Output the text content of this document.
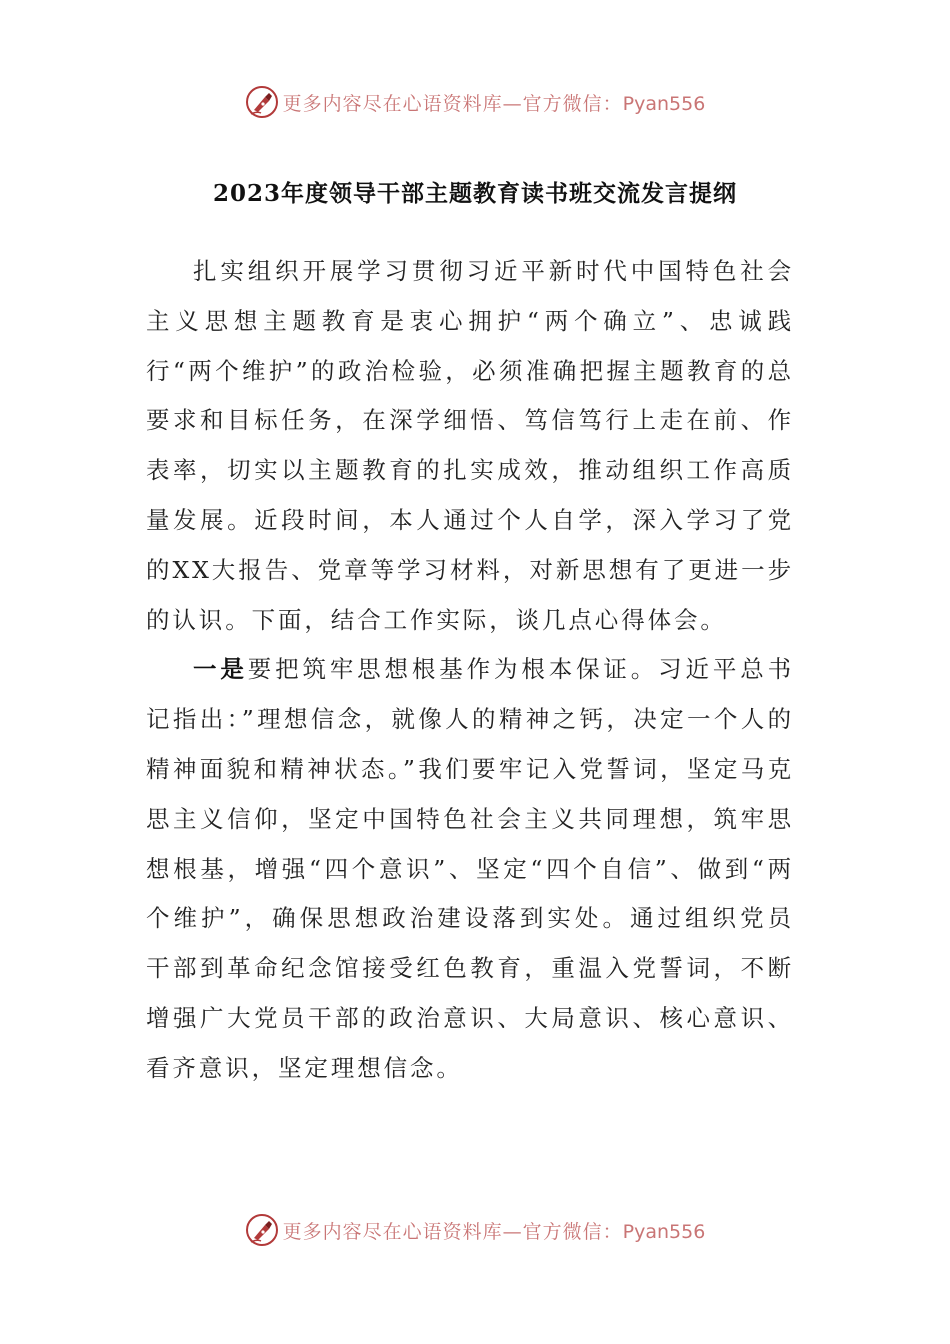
更多内容尽在心语资料库—官方微信：Pyan556
2023年度领导干部主题教育读书班交流发言提纲

扎实组织开展学习贯彻习近平新时代中国特色社会主义思想主题教育是衷心拥护“两个确立”、忠诚践行“两个维护”的政治检验，必须准确把握主题教育的总要求和目标任务，在深学细悟、笃信笃行上走在前、作表率，切实以主题教育的扎实成效，推动组织工作高质量发展。近段时间，本人通过个人自学，深入学习了党的XX大报告、党章等学习材料，对新思想有了更进一步的认识。下面，结合工作实际，谈几点心得体会。

一是要把筑牢思想根基作为根本保证。习近平总书记指出：”理想信念，就像人的精神之钙，决定一个人的精神面貌和精神状态。”我们要牢记入党誓词，坚定马克思主义信仰，坚定中国特色社会主义共同理想，筑牢思想根基，增强“四个意识”、坚定“四个自信”、做到“两个维护”，确保思想政治建设落到实处。通过组织党员干部到革命纪念馆接受红色教育，重温入党誓词，不断增强广大党员干部的政治意识、大局意识、核心意识、看齐意识，坚定理想信念。

更多内容尽在心语资料库—官方微信：Pyan556
